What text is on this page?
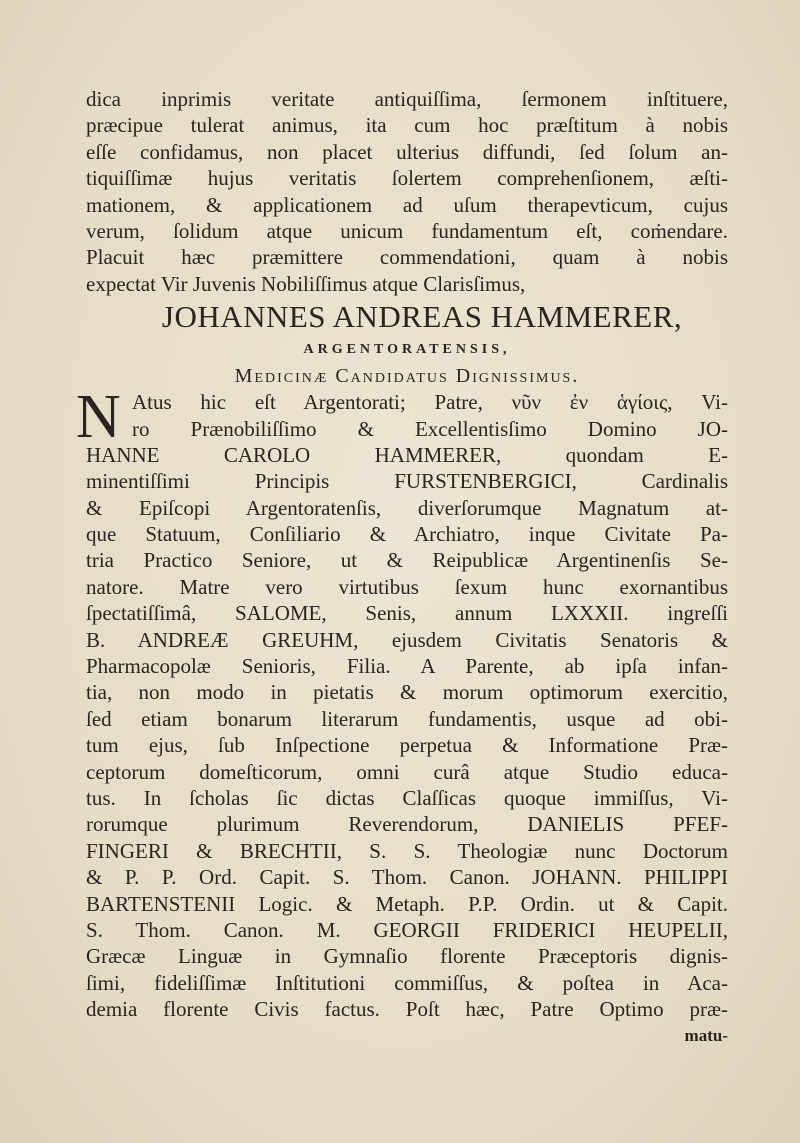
dica inprimis veritate antiquiſſima, ſermonem inſtituere,
præcipue tulerat animus, ita cum hoc præſtitum à nobis
eſſe confidamus, non placet ulterius diffundi, ſed ſolum an-
tiquiſſimæ hujus veritatis ſolertem comprehenſionem, æſti-
mationem, & applicationem ad uſum therapevticum, cujus
verum, ſolidum atque unicum fundamentum eſt, coṁendare.
Placuit hæc præmittere commendationi, quam à nobis
expectat Vir Juvenis Nobiliſſimus atque Clarisſimus,
JOHANNES ANDREAS HAMMERER,
ARGENTORATENSIS,
Medicinæ Candidatus Dignissimus.
N Atus hic eſt Argentorati; Patre, νῦν ἐν ἁγίοις, Vi-
ro Prænobiliſſimo & Excellentisſimo Domino JO-
HANNE CAROLO HAMMERER, quondam E-
minentiſſimi Principis FURSTENBERGICI, Cardinalis
& Epiſcopi Argentoratenſis, diverſorumque Magnatum at-
que Statuum, Conſiliario & Archiatro, inque Civitate Pa-
tria Practico Seniore, ut & Reipublicæ Argentinenſis Se-
natore. Matre vero virtutibus ſexum hunc exornantibus
ſpectatiſſimâ, SALOME, Senis, annum LXXXII. ingreſſi
B. ANDREÆ GREUHM, ejusdem Civitatis Senatoris &
Pharmacopolæ Senioris, Filia. A Parente, ab ipſa infan-
tia, non modo in pietatis & morum optimorum exercitio,
ſed etiam bonarum literarum fundamentis, usque ad obi-
tum ejus, ſub Inſpectione perpetua & Informatione Præ-
ceptorum domeſticorum, omni curâ atque Studio educa-
tus. In ſcholas ſic dictas Claſſicas quoque immiſſus, Vi-
rorumque plurimum Reverendorum, DANIELIS PFEF-
FINGERI & BRECHTII, S. S. Theologiæ nunc Doctorum
& P. P. Ord. Capit. S. Thom. Canon. JOHANN. PHILIPPI
BARTENSTENII Logic. & Metaph. P.P. Ordin. ut & Capit.
S. Thom. Canon. M. GEORGII FRIDERICI HEUPELII,
Græcæ Linguæ in Gymnaſio florente Præceptoris dignis-
ſimi, fideliſſimæ Inſtitutioni commiſſus, & poſtea in Aca-
demia florente Civis factus. Poſt hæc, Patre Optimo præ-
matu-
